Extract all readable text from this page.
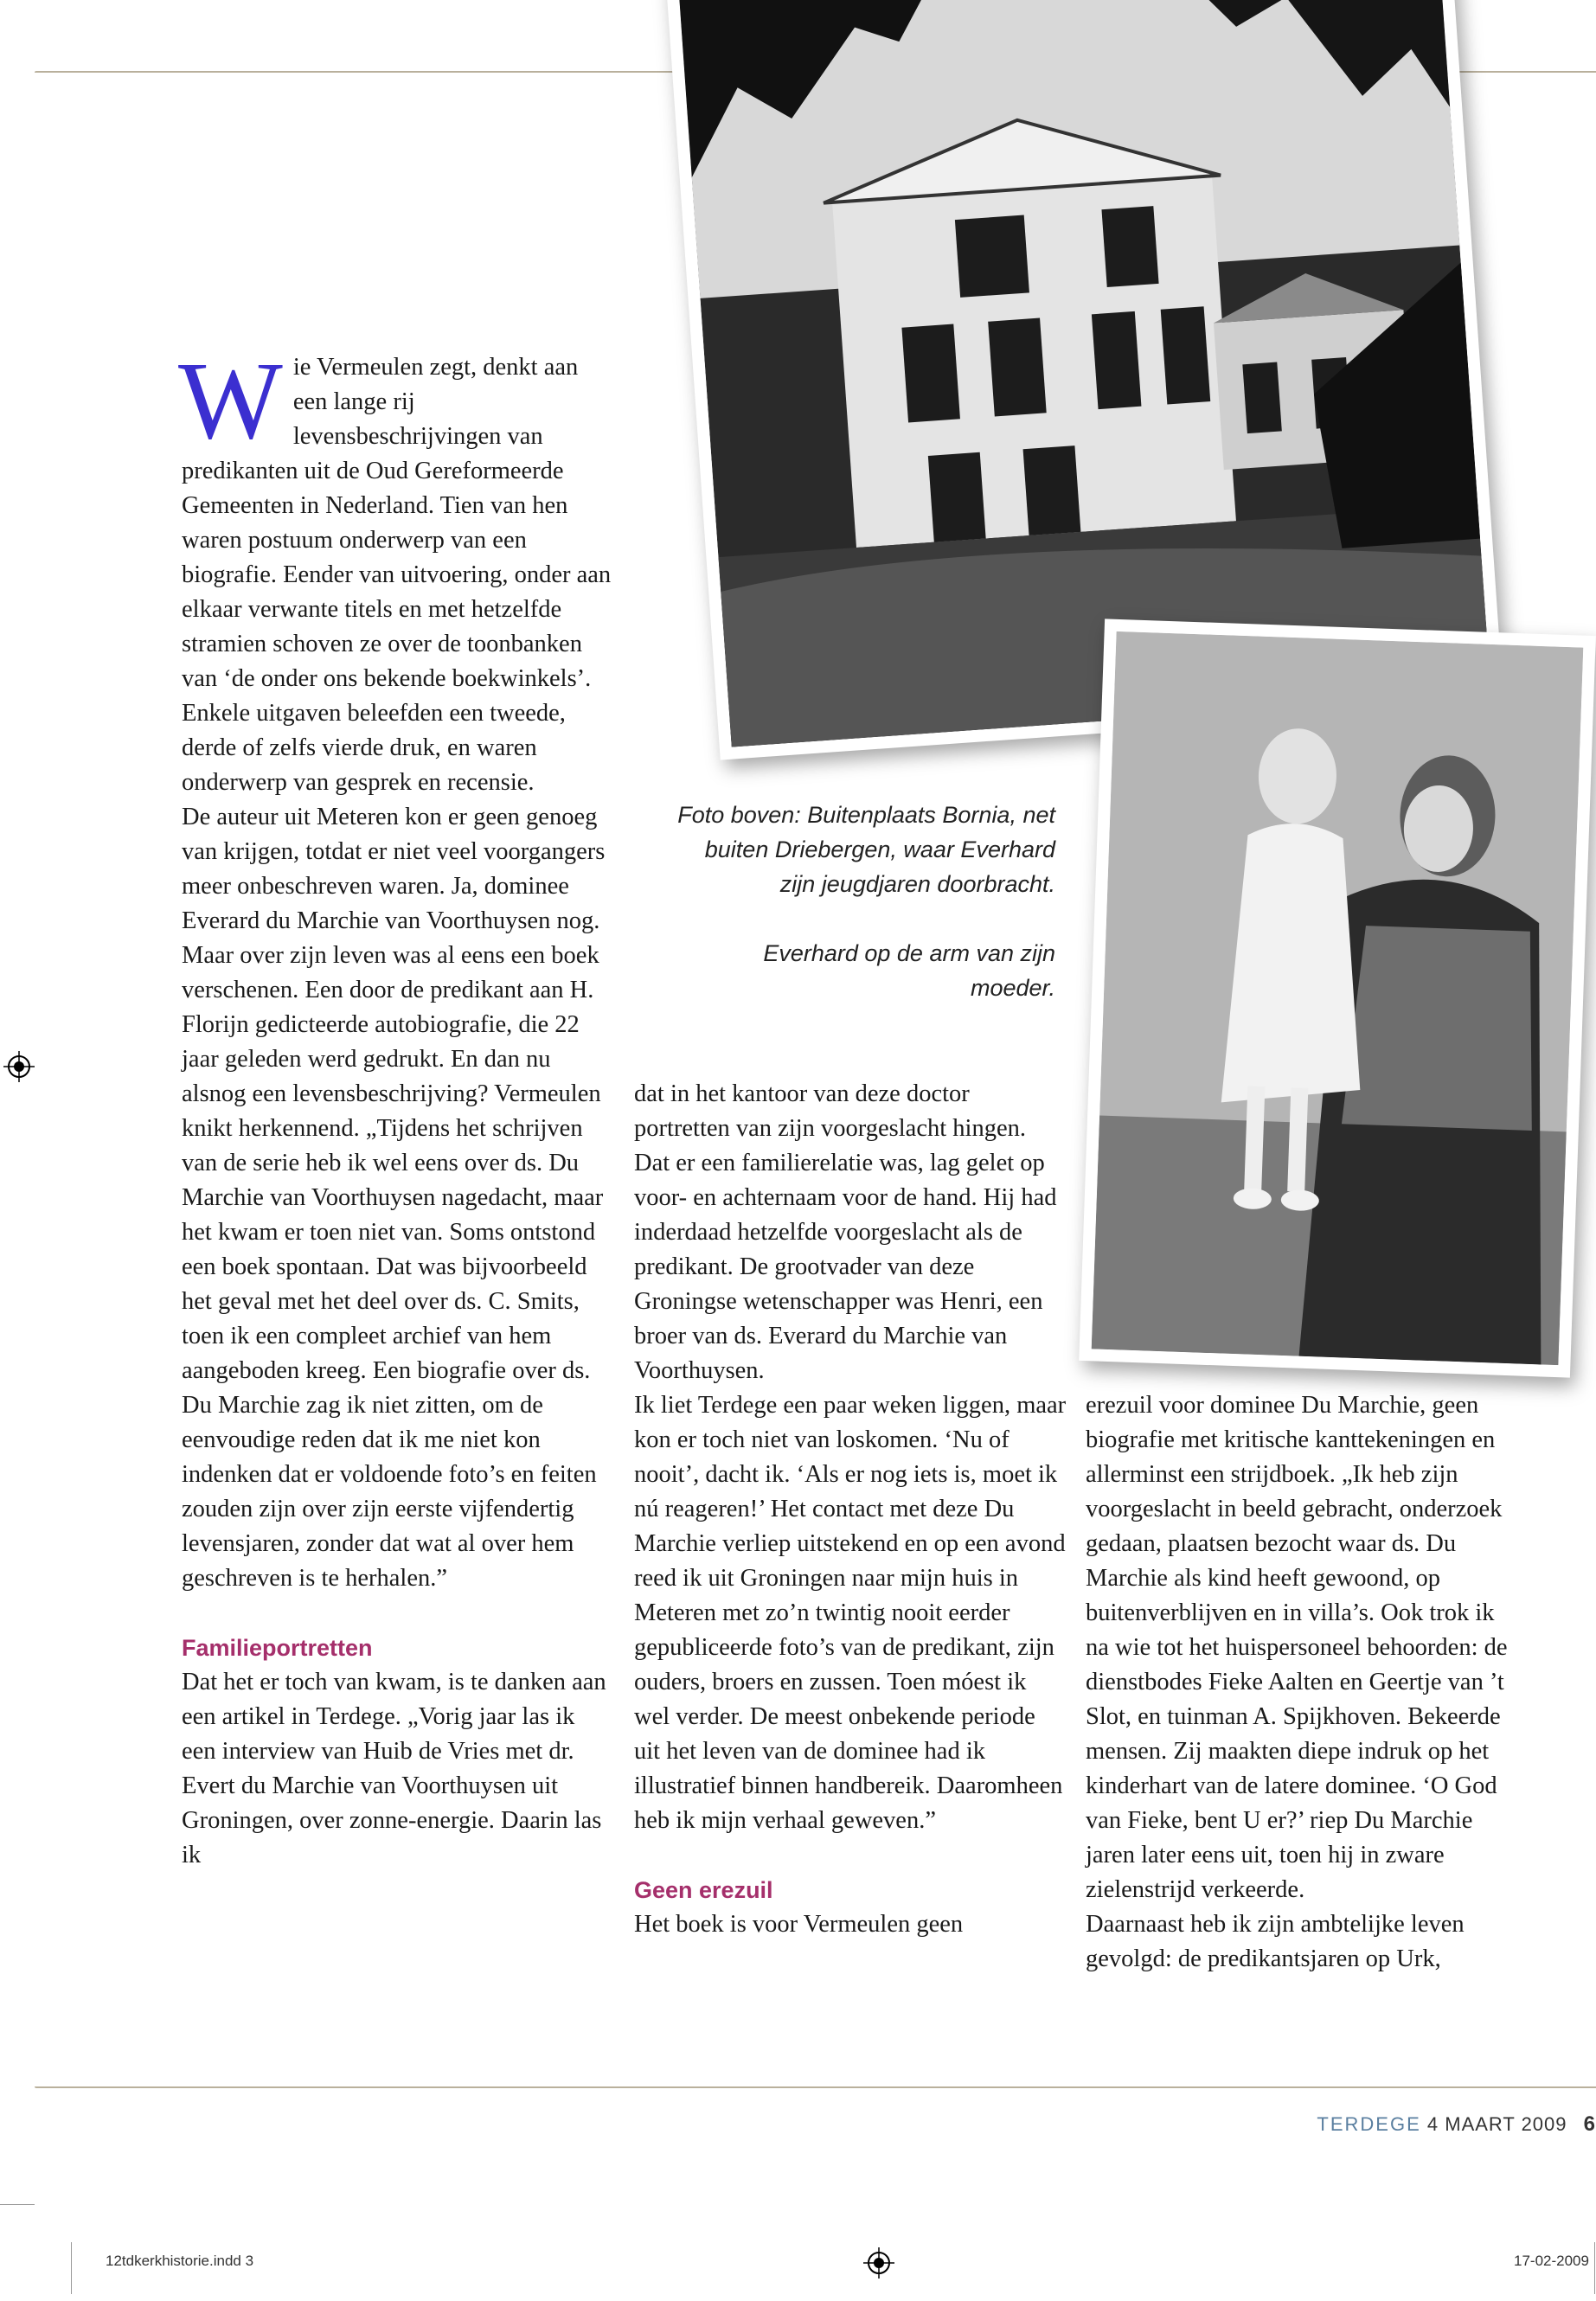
Foto boven: Buitenplaats Bornia, net buiten Driebergen, waar Everhard zijn jeugdjaren doorbracht.

Everhard op de arm van zijn moeder.

Wie Vermeulen zegt, denkt aan een lange rij levensbeschrijvingen van predikanten uit de Oud Gereformeerde Gemeenten in Nederland. Tien van hen waren postuum onderwerp van een biografie. Eender van uitvoering, onder aan elkaar verwante titels en met hetzelfde stramien schoven ze over de toonbanken van ‘de onder ons bekende boekwinkels’. Enkele uitgaven beleefden een tweede, derde of zelfs vierde druk, en waren onderwerp van gesprek en recensie.

De auteur uit Meteren kon er geen genoeg van krijgen, totdat er niet veel voorgangers meer onbeschreven waren. Ja, dominee Everard du Marchie van Voorthuysen nog. Maar over zijn leven was al eens een boek verschenen. Een door de predikant aan H. Florijn gedicteerde autobiografie, die 22 jaar geleden werd gedrukt. En dan nu alsnog een levensbeschrijving? Vermeulen knikt herkennend. „Tijdens het schrijven van de serie heb ik wel eens over ds. Du Marchie van Voorthuysen nagedacht, maar het kwam er toen niet van. Soms ontstond een boek spontaan. Dat was bijvoorbeeld het geval met het deel over ds. C. Smits, toen ik een compleet archief van hem aangeboden kreeg. Een biografie over ds. Du Marchie zag ik niet zitten, om de eenvoudige reden dat ik me niet kon indenken dat er voldoende foto’s en feiten zouden zijn over zijn eerste vijfendertig levensjaren, zonder dat wat al over hem geschreven is te herhalen.”

Familieportretten

Dat het er toch van kwam, is te danken aan een artikel in Terdege. „Vorig jaar las ik een interview van Huib de Vries met dr. Evert du Marchie van Voorthuysen uit Groningen, over zonne-energie. Daarin las ik

dat in het kantoor van deze doctor portretten van zijn voorgeslacht hingen. Dat er een familierelatie was, lag gelet op voor- en achternaam voor de hand. Hij had inderdaad hetzelfde voorgeslacht als de predikant. De grootvader van deze Groningse wetenschapper was Henri, een broer van ds. Everard du Marchie van Voorthuysen.

Ik liet Terdege een paar weken liggen, maar kon er toch niet van loskomen. ‘Nu of nooit’, dacht ik. ‘Als er nog iets is, moet ik nú reageren!’ Het contact met deze Du Marchie verliep uitstekend en op een avond reed ik uit Groningen naar mijn huis in Meteren met zo’n twintig nooit eerder gepubliceerde foto’s van de predikant, zijn ouders, broers en zussen. Toen móest ik wel verder. De meest onbekende periode uit het leven van de dominee had ik illustratief binnen handbereik. Daaromheen heb ik mijn verhaal geweven.”

Geen erezuil

Het boek is voor Vermeulen geen

erezuil voor dominee Du Marchie, geen biografie met kritische kanttekeningen en allerminst een strijdboek. „Ik heb zijn voorgeslacht in beeld gebracht, onderzoek gedaan, plaatsen bezocht waar ds. Du Marchie als kind heeft gewoond, op buitenverblijven en in villa’s. Ook trok ik na wie tot het huispersoneel behoorden: de dienstbodes Fieke Aalten en Geertje van ’t Slot, en tuinman A. Spijkhoven. Bekeerde mensen. Zij maakten diepe indruk op het kinderhart van de latere dominee. ‘O God van Fieke, bent U er?’ riep Du Marchie jaren later eens uit, toen hij in zware zielenstrijd verkeerde.

Daarnaast heb ik zijn ambtelijke leven gevolgd: de predikantsjaren op Urk,

TERDEGE 4 MAART 2009 6
12tdkerkhistorie.indd 3	17-02-2009
